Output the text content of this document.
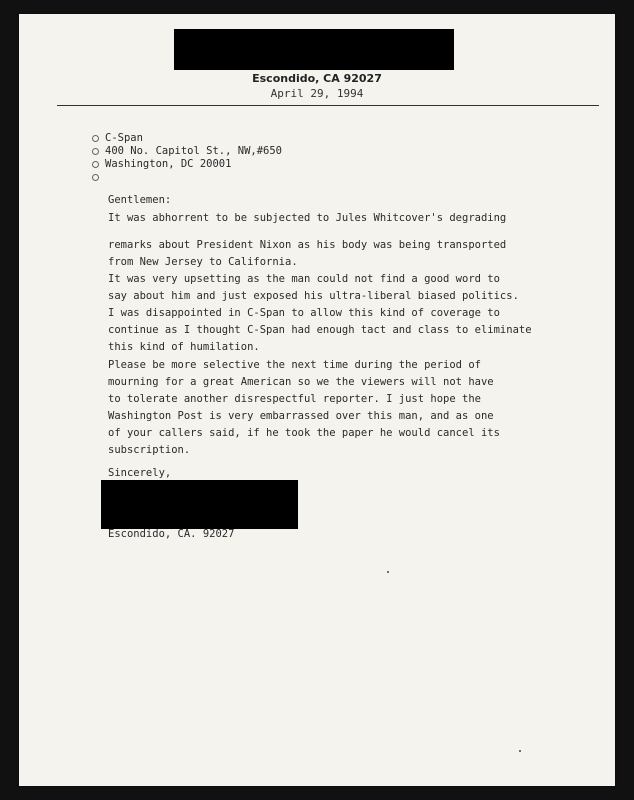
Escondido, CA 92027
April 29, 1994
C-Span
400 No. Capitol St., NW,#650
Washington, DC 20001
Gentlemen:
It was abhorrent to be subjected to Jules Whitcover's degrading
remarks about President Nixon as his body was being transported
from New Jersey to California.
It was very upsetting as the man could not find a good word to
say about him and just exposed his ultra-liberal biased politics.
I was disappointed in C-Span to allow this kind of coverage to
continue as I thought C-Span had enough tact and class to eliminate
this kind of humilation.
Please be more selective the next time during the period of
mourning for a great American so we the viewers will not have
to tolerate another disrespectful reporter. I just hope the
Washington Post is very embarrassed over this man, and as one
of your callers said, if he took the paper he would cancel its
subscription.
Sincerely,
Escondido, CA. 92027
